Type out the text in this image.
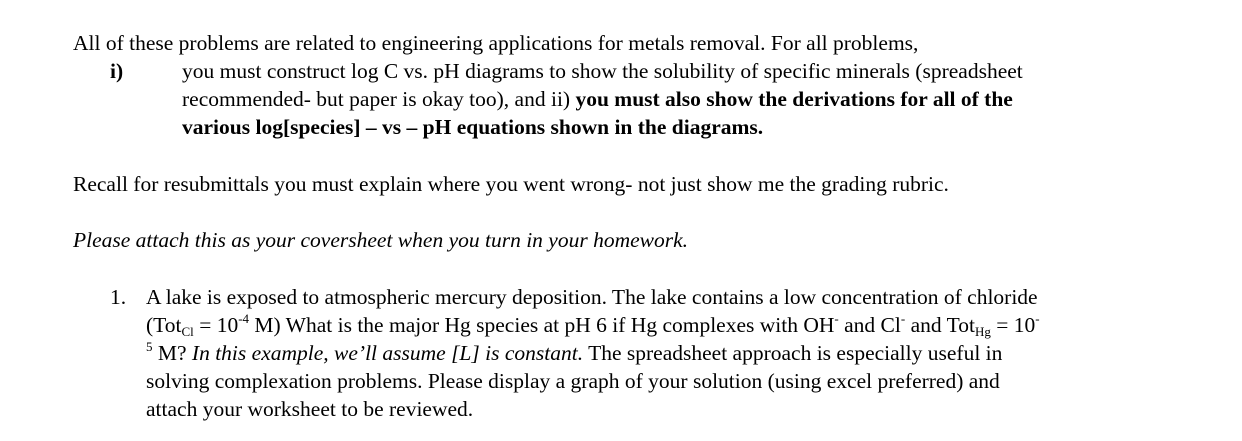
All of these problems are related to engineering applications for metals removal. For all problems,
i)	you must construct log C vs. pH diagrams to show the solubility of specific minerals (spreadsheet
recommended- but paper is okay too), and ii) you must also show the derivations for all of the
various log[species] – vs – pH equations shown in the diagrams.
Recall for resubmittals you must explain where you went wrong- not just show me the grading rubric.
Please attach this as your coversheet when you turn in your homework.
1. A lake is exposed to atmospheric mercury deposition. The lake contains a low concentration of chloride
($Tot_{Cl} = 10^{-4}$ M) What is the major Hg species at pH 6 if Hg complexes with OH- and Cl- and Tot$_{Hg}$ = 10-
$^5$ M? In this example, we’ll assume [L] is constant. The spreadsheet approach is especially useful in
solving complexation problems. Please display a graph of your solution (using excel preferred) and
attach your worksheet to be reviewed.
